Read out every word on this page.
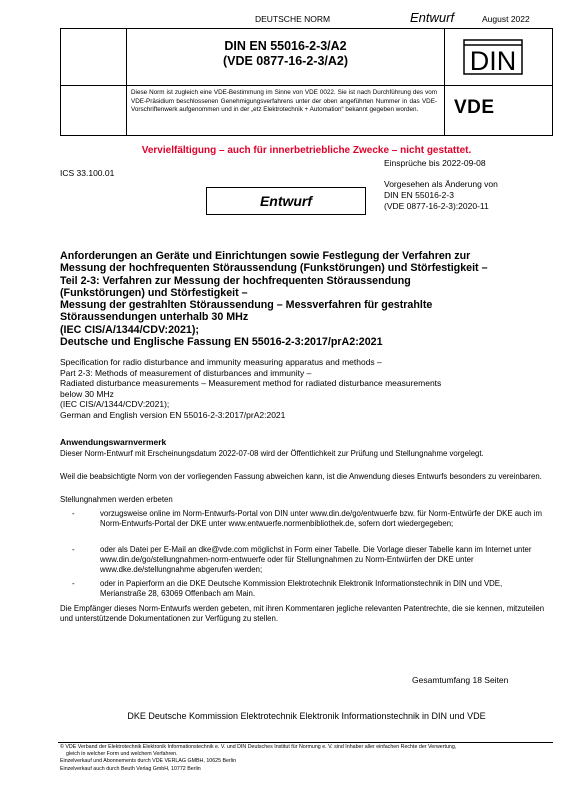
DEUTSCHE NORM	Entwurf	August 2022
DIN EN 55016-2-3/A2
(VDE 0877-16-2-3/A2)
Diese Norm ist zugleich eine VDE-Bestimmung im Sinne von VDE 0022. Sie ist nach Durchführung des vom VDE-Präsidium beschlossenen Genehmigungsverfahrens unter der oben angeführten Nummer in das VDE-Vorschriftenwerk aufgenommen und in der „etz Elektrotechnik + Automation“ bekannt gegeben worden.
DIN
VDE
Vervielfältigung – auch für innerbetriebliche Zwecke – nicht gestattet.
Einsprüche bis 2022-09-08
ICS 33.100.01
Vorgesehen als Änderung von
DIN EN 55016-2-3
(VDE 0877-16-2-3):2020-11
Entwurf
Anforderungen an Geräte und Einrichtungen sowie Festlegung der Verfahren zur
Messung der hochfrequenten Störaussendung (Funkstörungen) und Störfestigkeit –
Teil 2-3: Verfahren zur Messung der hochfrequenten Störaussendung
(Funkstörungen) und Störfestigkeit –
Messung der gestrahlten Störaussendung – Messverfahren für gestrahlte
Störaussendungen unterhalb 30 MHz
(IEC CIS/A/1344/CDV:2021);
Deutsche und Englische Fassung EN 55016-2-3:2017/prA2:2021
Specification for radio disturbance and immunity measuring apparatus and methods –
Part 2-3: Methods of measurement of disturbances and immunity –
Radiated disturbance measurements – Measurement method for radiated disturbance measurements
below 30 MHz
(IEC CIS/A/1344/CDV:2021);
German and English version EN 55016-2-3:2017/prA2:2021
Anwendungswarnvermerk
Dieser Norm-Entwurf mit Erscheinungsdatum 2022-07-08 wird der Öffentlichkeit zur Prüfung und Stellungnahme vorgelegt.
Weil die beabsichtigte Norm von der vorliegenden Fassung abweichen kann, ist die Anwendung dieses Entwurfs besonders zu vereinbaren.
Stellungnahmen werden erbeten
-	vorzugsweise online im Norm-Entwurfs-Portal von DIN unter www.din.de/go/entwuerfe bzw. für Norm-Entwürfe der DKE auch im Norm-Entwurfs-Portal der DKE unter www.entwuerfe.normenbibliothek.de, sofern dort wiedergegeben;
-	oder als Datei per E-Mail an dke@vde.com möglichst in Form einer Tabelle. Die Vorlage dieser Tabelle kann im Internet unter www.din.de/go/stellungnahmen-norm-entwuerfe oder für Stellungnahmen zu Norm-Entwürfen der DKE unter www.dke.de/stellungnahme abgerufen werden;
-	oder in Papierform an die DKE Deutsche Kommission Elektrotechnik Elektronik Informationstechnik in DIN und VDE, Merianstraße 28, 63069 Offenbach am Main.
Die Empfänger dieses Norm-Entwurfs werden gebeten, mit ihren Kommentaren jegliche relevanten Patentrechte, die sie kennen, mitzuteilen und unterstützende Dokumentationen zur Verfügung zu stellen.
Gesamtumfang 18 Seiten
DKE Deutsche Kommission Elektrotechnik Elektronik Informationstechnik in DIN und VDE
© VDE Verband der Elektrotechnik Elektronik Informationstechnik e. V. und DIN Deutsches Institut für Normung e. V. sind Inhaber aller einfachen Rechte der Verwertung,
gleich in welcher Form und welchem Verfahren.
Einzelverkauf und Abonnements durch VDE VERLAG GMBH, 10625 Berlin
Einzelverkauf auch durch Beuth Verlag GmbH, 10772 Berlin
